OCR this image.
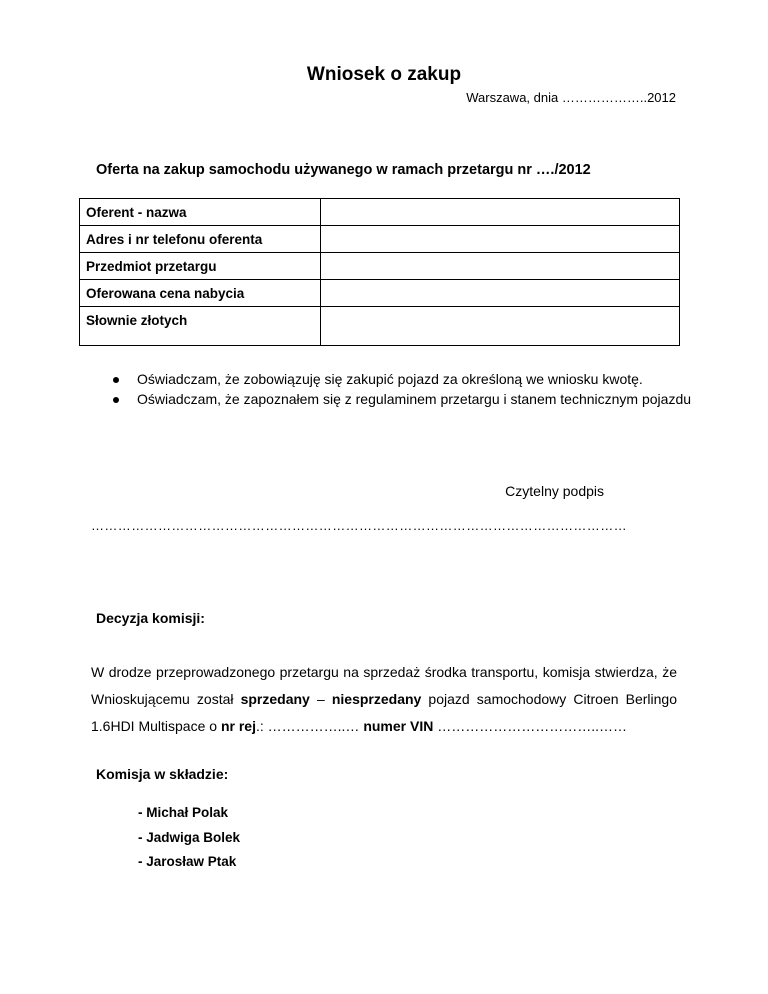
Wniosek o zakup
Warszawa, dnia ………………..2012
Oferta na zakup samochodu używanego w ramach przetargu nr …./2012
Oferent - nazwa	
Adres i nr telefonu oferenta	
Przedmiot przetargu	
Oferowana cena nabycia	
Słownie złotych	
Oświadczam, że zobowiązuję się zakupić pojazd za określoną we wniosku kwotę.
Oświadczam, że zapoznałem się z regulaminem przetargu i stanem technicznym pojazdu
Czytelny podpis
…………………………………………………………………………………………………………
Decyzja komisji:
W drodze przeprowadzonego przetargu na sprzedaż środka transportu, komisja stwierdza, że Wnioskującemu został sprzedany – niesprzedany pojazd samochodowy Citroen Berlingo 1.6HDI Multispace o nr rej.: ……………..… numer VIN ……………………………..……
Komisja w składzie:
- Michał Polak
- Jadwiga Bolek
- Jarosław Ptak
